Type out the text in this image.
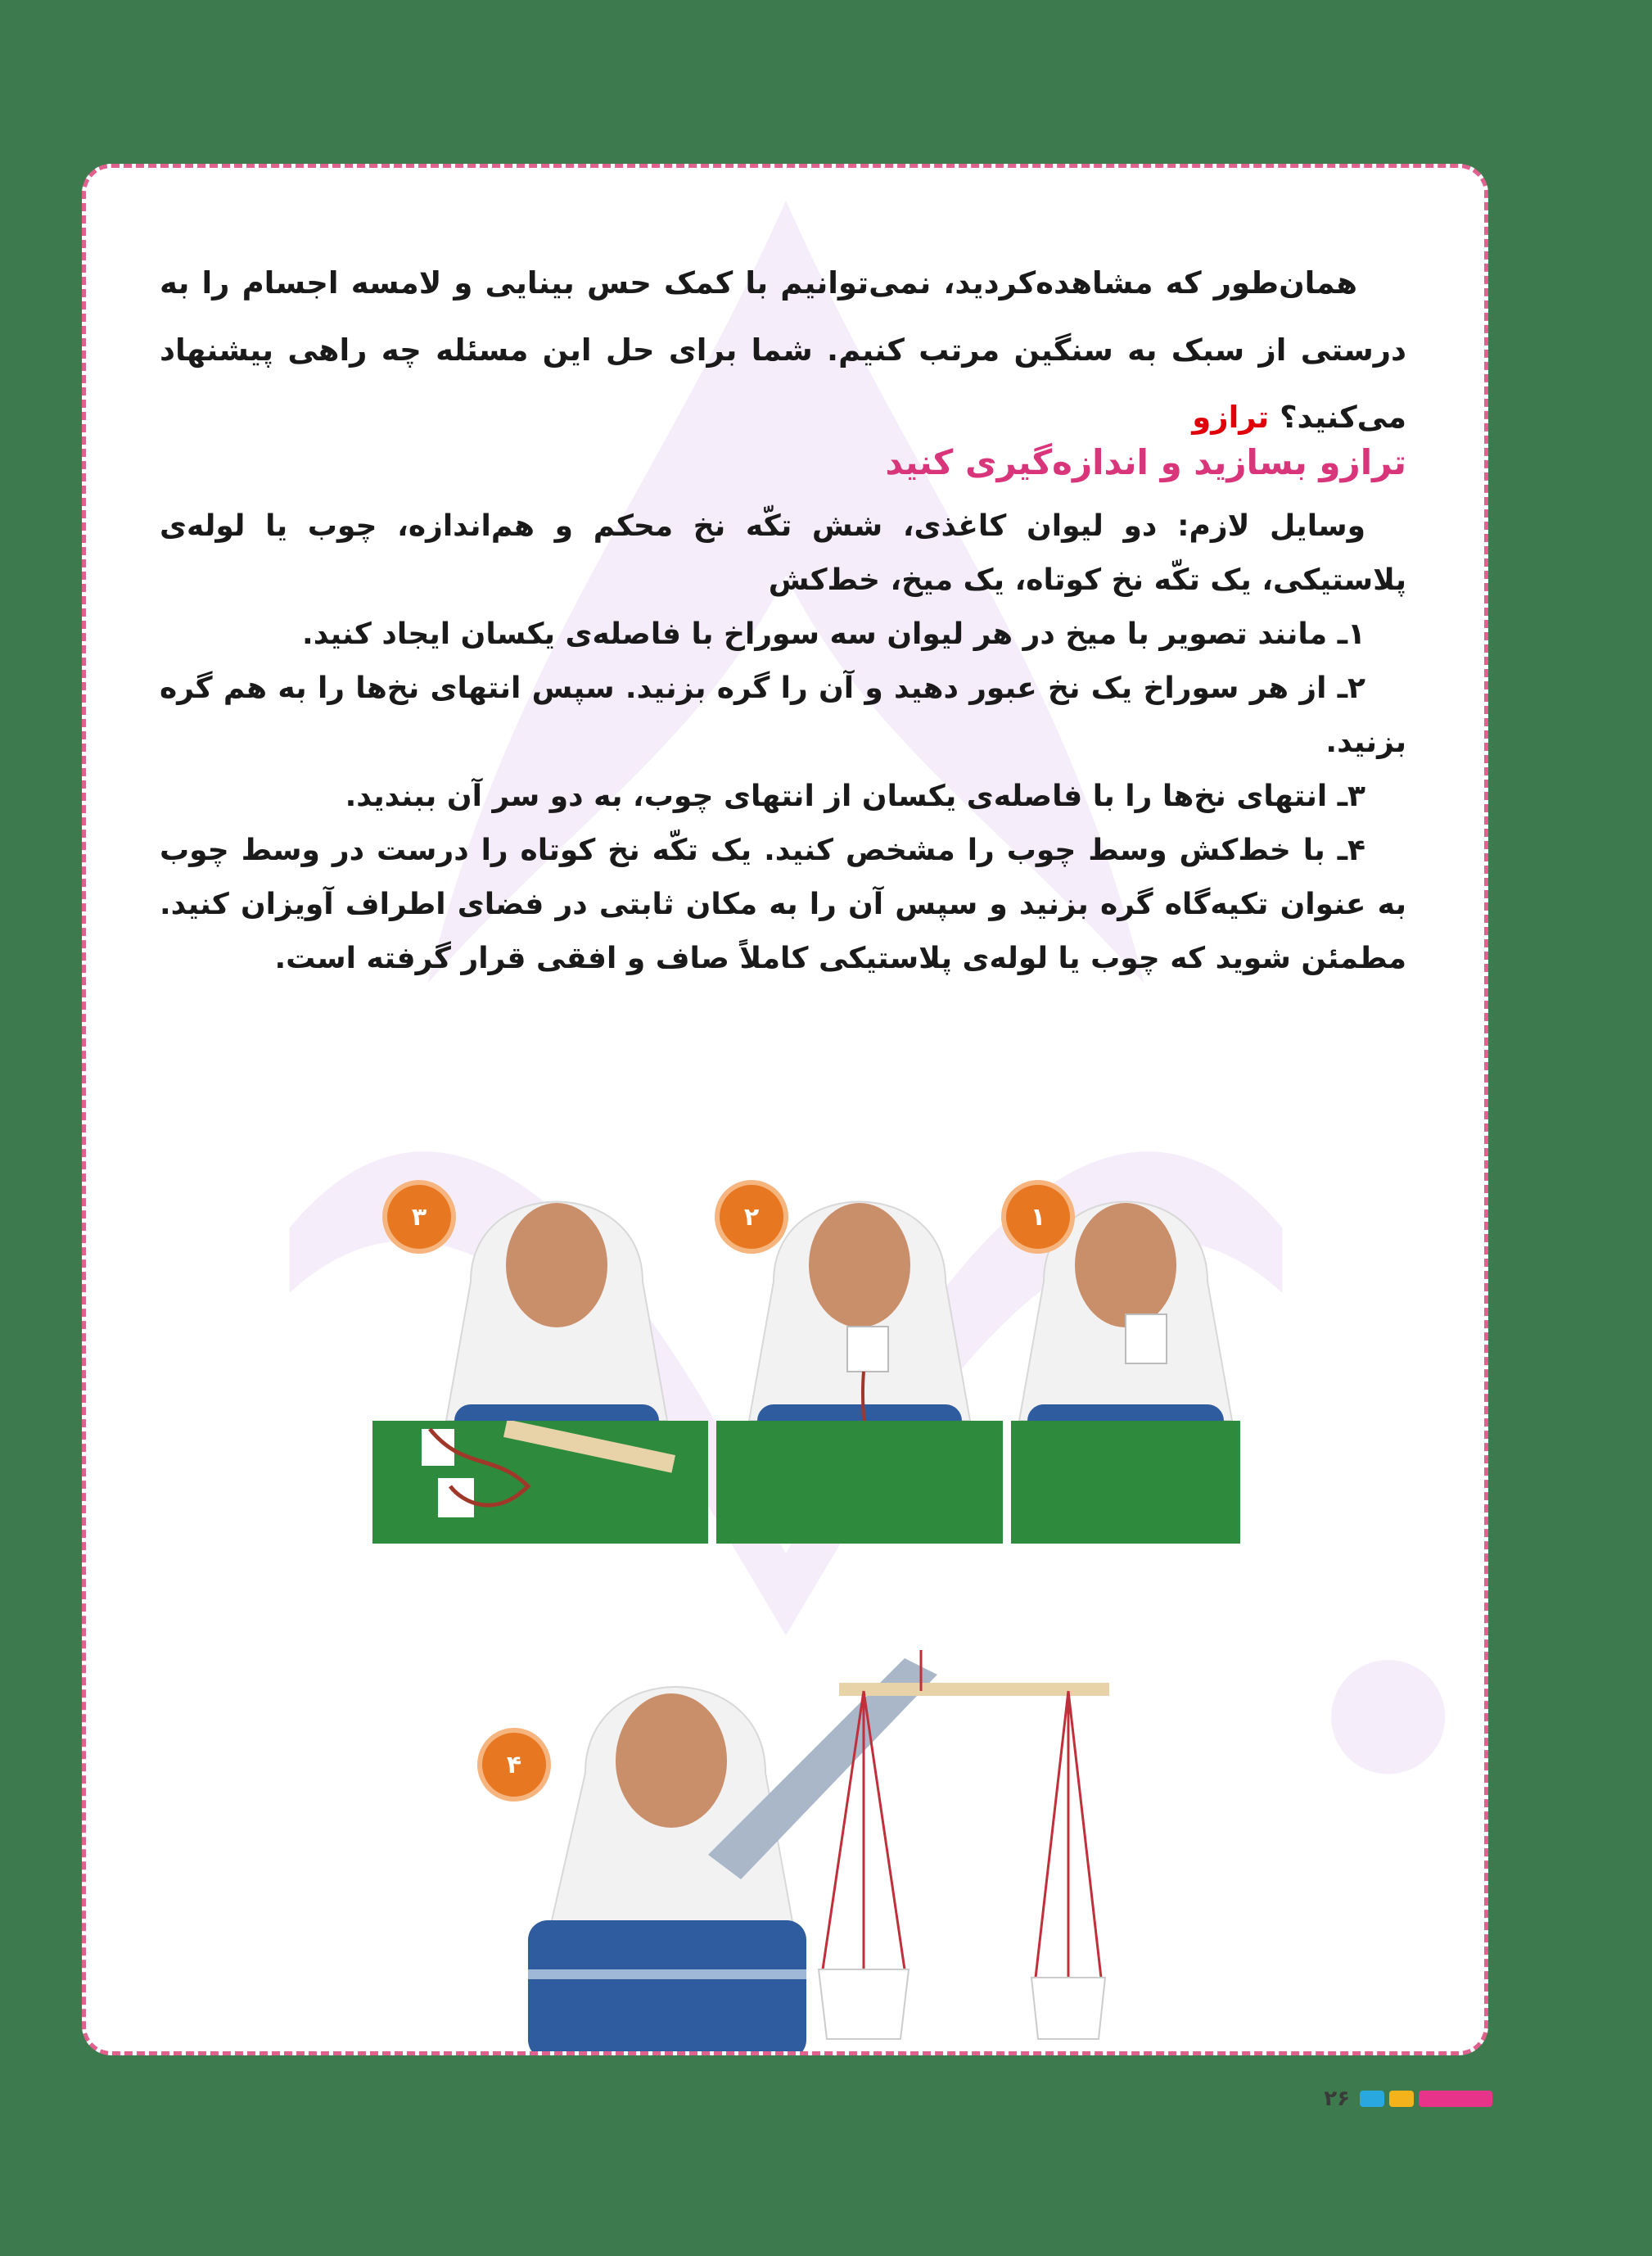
همان‌طور که مشاهده‌کردید، نمی‌توانیم با کمک حس بینایی و لامسه اجسام را به درستی از سبک به سنگین مرتب کنیم. شما برای حل این مسئله چه راهی پیشنهاد می‌کنید؟ ترازو

ترازو بسازید و اندازه‌گیری کنید

وسایل لازم: دو لیوان کاغذی، شش تکّه نخ محکم و هم‌اندازه، چوب یا لوله‌ی پلاستیکی، یک تکّه نخ کوتاه، یک میخ، خط‌کش

۱ـ مانند تصویر با میخ در هر لیوان سه سوراخ با فاصله‌ی یکسان ایجاد کنید.

۲ـ از هر سوراخ یک نخ عبور دهید و آن را گره بزنید. سپس انتهای نخ‌ها را به هم گره بزنید.

۳ـ انتهای نخ‌ها را با فاصله‌ی یکسان از انتهای چوب، به دو سر آن ببندید.

۴ـ با خط‌کش وسط چوب را مشخص کنید. یک تکّه نخ کوتاه را درست در وسط چوب به عنوان تکیه‌گاه گره بزنید و سپس آن را به مکان ثابتی در فضای اطراف آویزان کنید. مطمئن شوید که چوب یا لوله‌ی پلاستیکی کاملاً صاف و افقی قرار گرفته است.

۱
۲
۳
۴
۲۶
